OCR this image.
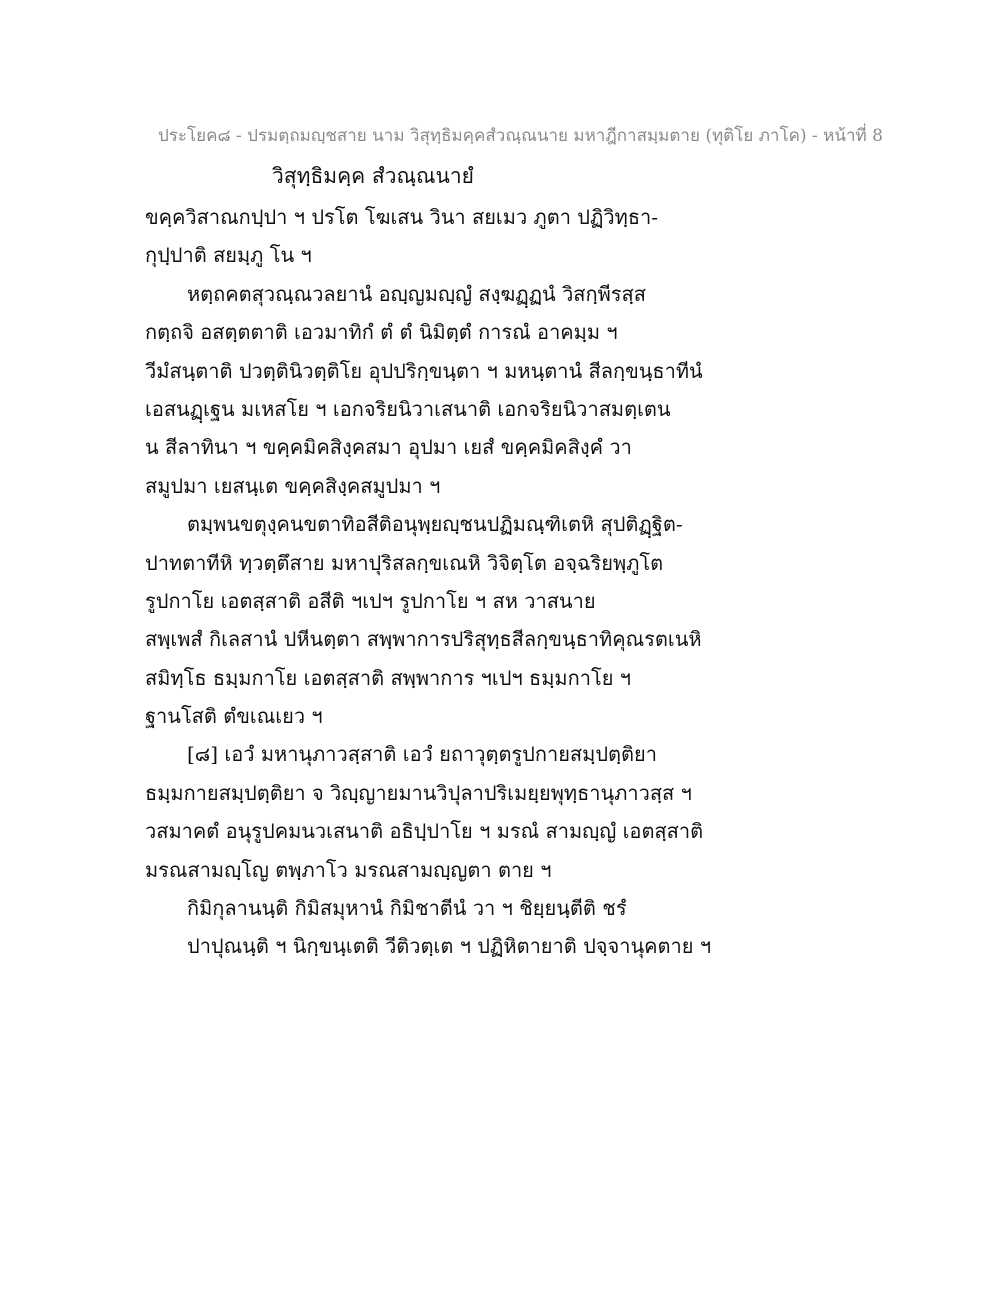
ประโยค๘ - ปรมตฺถมญฺชสาย นาม วิสุทฺธิมคฺคสํวณฺณนาย มหาฎีกาสมฺมตาย (ทุติโย ภาโค) - หน้าที่ 8
วิสุทฺธิมคฺค สํวณฺณนายํ
ขคฺควิสาณกปฺปา ฯ ปรโต โฆเสน วินา สยเมว ภูตา ปฏิวิทฺธา-
กุปฺปาติ สยมฺภู โน ฯ
หตฺถคตสุวณฺณวลยานํ อญฺญมญฺญํ สงฺฆฏฺฏนํ วิสกฺพีรสฺส
กตฺถจิ อสตฺตตาติ เอวมาทิกํ ตํ ตํ นิมิตฺตํ การณํ อาคมฺม ฯ
วีมํสนฺตาติ ปวตฺตินิวตฺติโย อุปปริกฺขนฺตา ฯ มหนฺตานํ สีลกฺขนฺธาทีนํ
เอสนฏฺเฐน มเหสโย ฯ เอกจริยนิวาเสนาติ เอกจริยนิวาสมตฺเตน
น สีลาทินา ฯ ขคฺคมิคสิงฺคสมา อุปมา เยสํ ขคฺคมิคสิงฺคํ วา
สมูปมา เยสนฺเต ขคฺคสิงฺคสมูปมา ฯ
ตมฺพนขตุงฺคนขตาทิอสีติอนุพฺยญฺชนปฏิมณฺฑิเตหิ สุปติฏฺฐิต-
ปาทตาทีหิ ทฺวตฺตึสาย มหาปุริสลกฺขเณหิ วิจิตฺโต อจฺฉริยพฺภูโต
รูปกาโย เอตสฺสาติ อสีติ ฯเปฯ รูปกาโย ฯ สห วาสนาย
สพฺเพสํ กิเลสานํ ปหีนตฺตา สพฺพาการปริสุทฺธสีลกฺขนฺธาทิคุณรตเนหิ
สมิทฺโธ ธมฺมกาโย เอตสฺสาติ สพฺพาการ ฯเปฯ ธมฺมกาโย ฯ
ฐานโสติ ตํขเณเยว ฯ
[๘] เอวํ มหานุภาวสฺสาติ เอวํ ยถาวุตฺตรูปกายสมฺปตฺติยา
ธมฺมกายสมฺปตฺติยา จ วิญฺญายมานวิปุลาปริเมยฺยพุทฺธานุภาวสฺส ฯ
วสมาคตํ อนุรูปคมนวเสนาติ อธิปฺปาโย ฯ มรณํ สามญฺญํ เอตสฺสาติ
มรณสามญฺโญ ตพฺภาโว มรณสามญฺญตา ตาย ฯ
กิมิกุลานนฺติ กิมิสมุหานํ กิมิชาตีนํ วา ฯ ชิยฺยนฺตีติ ชรํ
ปาปุณนฺติ ฯ นิกฺขนฺเตติ วีติวตฺเต ฯ ปฏิหิตายาติ ปจฺจานุคตาย ฯ
